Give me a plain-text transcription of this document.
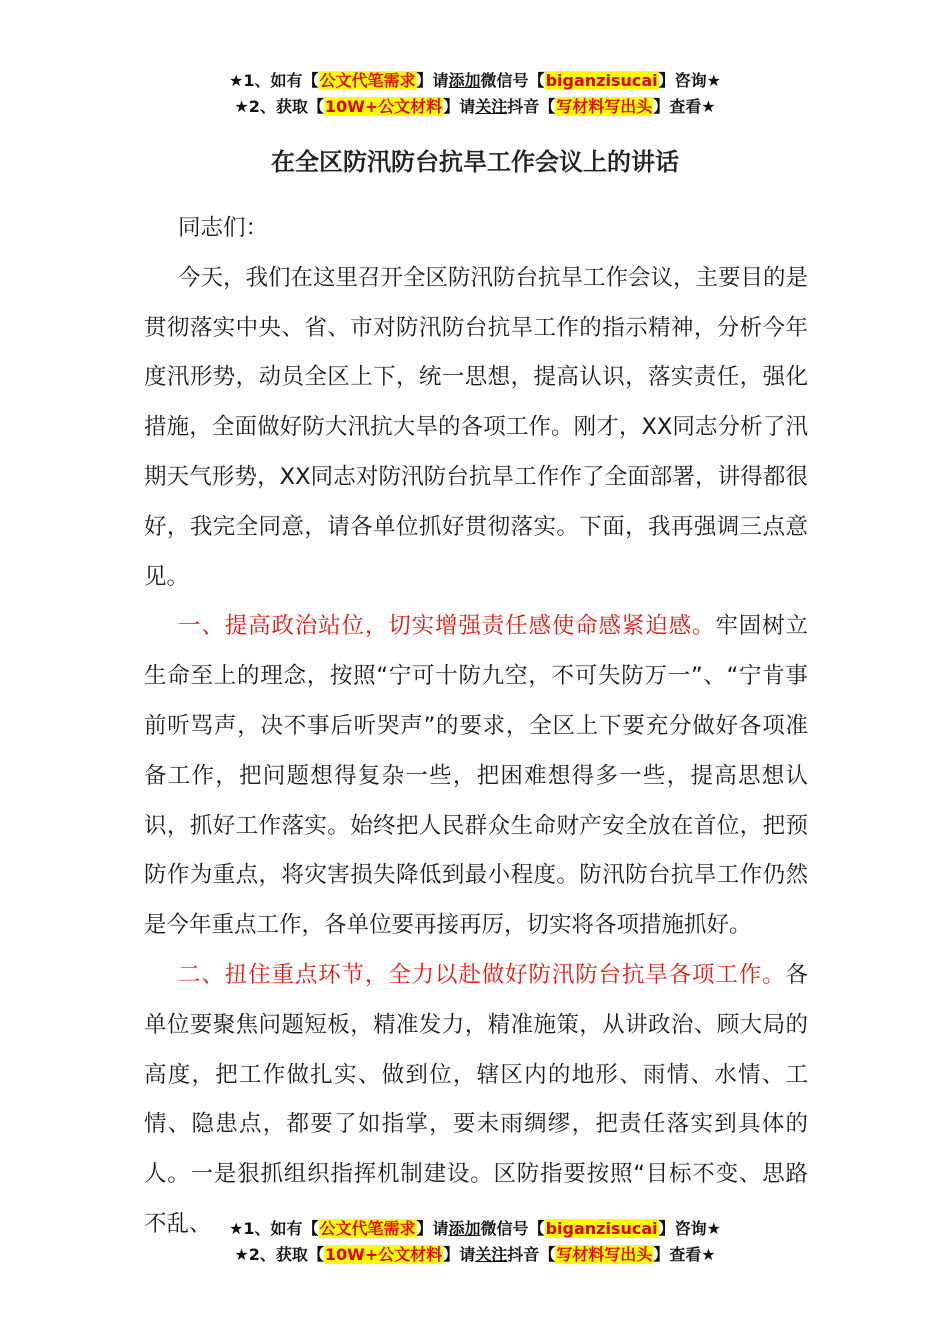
★1、如有【公文代笔需求】请添加微信号【biganzisucai】咨询★
★2、获取【10W+公文材料】请关注抖音【写材料写出头】查看★
在全区防汛防台抗旱工作会议上的讲话

同志们：

今天，我们在这里召开全区防汛防台抗旱工作会议，主要目的是贯彻落实中央、省、市对防汛防台抗旱工作的指示精神，分析今年度汛形势，动员全区上下，统一思想，提高认识，落实责任，强化措施，全面做好防大汛抗大旱的各项工作。刚才，XX同志分析了汛期天气形势，XX同志对防汛防台抗旱工作作了全面部署，讲得都很好，我完全同意，请各单位抓好贯彻落实。下面，我再强调三点意见。

一、提高政治站位，切实增强责任感使命感紧迫感。牢固树立生命至上的理念，按照“宁可十防九空，不可失防万一”、“宁肯事前听骂声，决不事后听哭声”的要求，全区上下要充分做好各项准备工作，把问题想得复杂一些，把困难想得多一些，提高思想认识，抓好工作落实。始终把人民群众生命财产安全放在首位，把预防作为重点，将灾害损失降低到最小程度。防汛防台抗旱工作仍然是今年重点工作，各单位要再接再厉，切实将各项措施抓好。

二、扭住重点环节，全力以赴做好防汛防台抗旱各项工作。各单位要聚焦问题短板，精准发力，精准施策，从讲政治、顾大局的高度，把工作做扎实、做到位，辖区内的地形、雨情、水情、工情、隐患点，都要了如指掌，要未雨绸缪，把责任落实到具体的人。一是狠抓组织指挥机制建设。区防指要按照“目标不变、思路不乱、	★1、如有【公文代笔需求】请添加微信号【biganzisucai】咨询★
★2、获取【10W+公文材料】请关注抖音【写材料写出头】查看★
